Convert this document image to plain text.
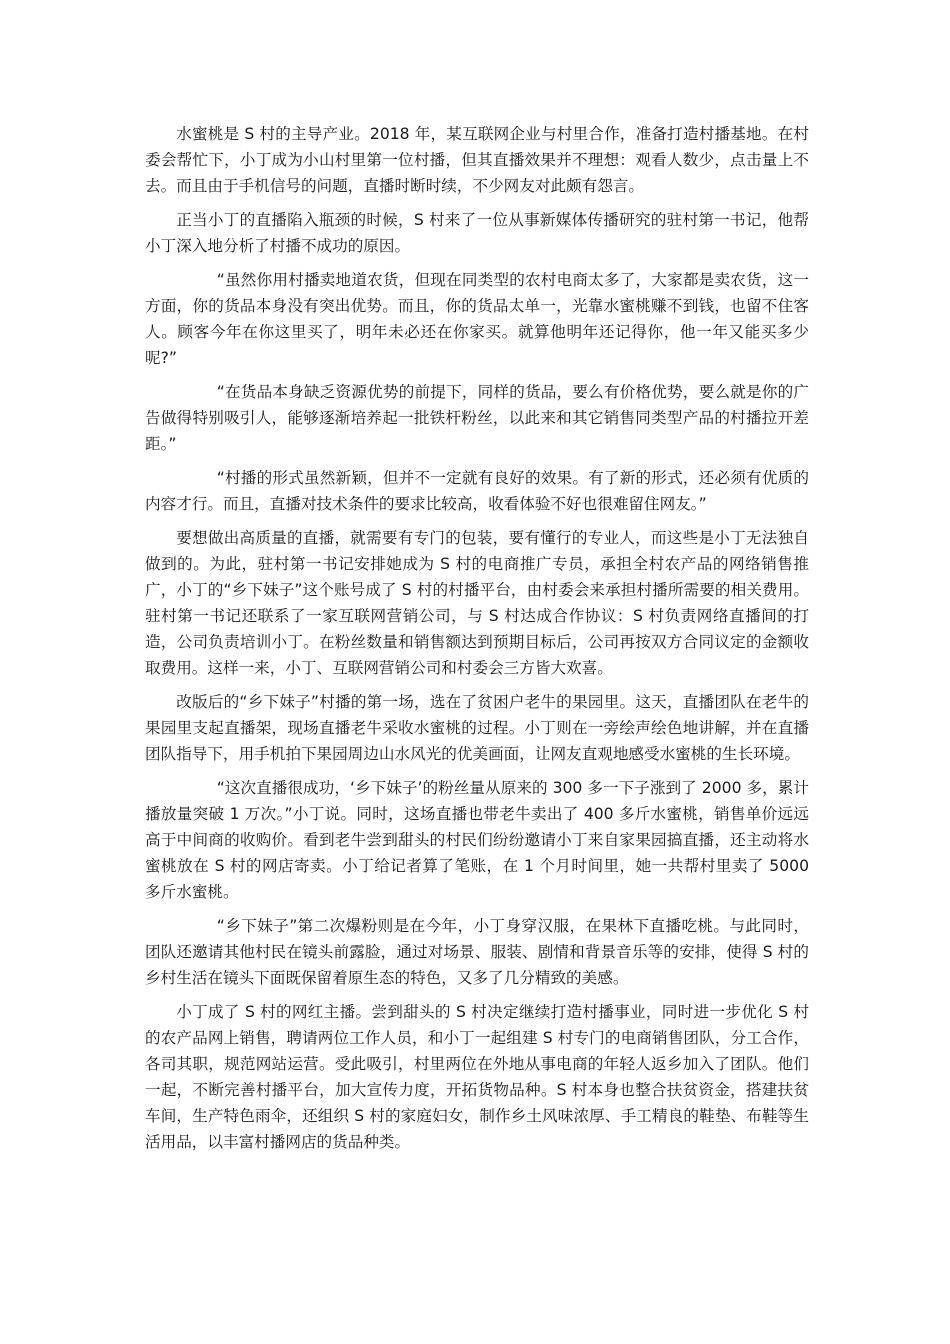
水蜜桃是 S 村的主导产业。2018 年，某互联网企业与村里合作，准备打造村播基地。在村委会帮忙下，小丁成为小山村里第一位村播，但其直播效果并不理想：观看人数少，点击量上不去。而且由于手机信号的问题，直播时断时续，不少网友对此颇有怨言。

正当小丁的直播陷入瓶颈的时候，S 村来了一位从事新媒体传播研究的驻村第一书记，他帮小丁深入地分析了村播不成功的原因。

“虽然你用村播卖地道农货，但现在同类型的农村电商太多了，大家都是卖农货，这一方面，你的货品本身没有突出优势。而且，你的货品太单一，光靠水蜜桃赚不到钱，也留不住客人。顾客今年在你这里买了，明年未必还在你家买。就算他明年还记得你，他一年又能买多少呢?”

“在货品本身缺乏资源优势的前提下，同样的货品，要么有价格优势，要么就是你的广告做得特别吸引人，能够逐渐培养起一批铁杆粉丝，以此来和其它销售同类型产品的村播拉开差距。”

“村播的形式虽然新颖，但并不一定就有良好的效果。有了新的形式，还必须有优质的内容才行。而且，直播对技术条件的要求比较高，收看体验不好也很难留住网友。”

要想做出高质量的直播，就需要有专门的包装，要有懂行的专业人，而这些是小丁无法独自做到的。为此，驻村第一书记安排她成为 S 村的电商推广专员，承担全村农产品的网络销售推广，小丁的“乡下妹子”这个账号成了 S 村的村播平台，由村委会来承担村播所需要的相关费用。驻村第一书记还联系了一家互联网营销公司，与 S 村达成合作协议：S 村负责网络直播间的打造，公司负责培训小丁。在粉丝数量和销售额达到预期目标后，公司再按双方合同议定的金额收取费用。这样一来，小丁、互联网营销公司和村委会三方皆大欢喜。

改版后的“乡下妹子”村播的第一场，选在了贫困户老牛的果园里。这天，直播团队在老牛的果园里支起直播架，现场直播老牛采收水蜜桃的过程。小丁则在一旁绘声绘色地讲解，并在直播团队指导下，用手机拍下果园周边山水风光的优美画面，让网友直观地感受水蜜桃的生长环境。

“这次直播很成功，‘乡下妹子’的粉丝量从原来的 300 多一下子涨到了 2000 多，累计播放量突破 1 万次。”小丁说。同时，这场直播也带老牛卖出了 400 多斤水蜜桃，销售单价远远高于中间商的收购价。看到老牛尝到甜头的村民们纷纷邀请小丁来自家果园搞直播，还主动将水蜜桃放在 S 村的网店寄卖。小丁给记者算了笔账，在 1 个月时间里，她一共帮村里卖了 5000 多斤水蜜桃。

“乡下妹子”第二次爆粉则是在今年，小丁身穿汉服，在果林下直播吃桃。与此同时，团队还邀请其他村民在镜头前露脸，通过对场景、服装、剧情和背景音乐等的安排，使得 S 村的乡村生活在镜头下面既保留着原生态的特色，又多了几分精致的美感。

小丁成了 S 村的网红主播。尝到甜头的 S 村决定继续打造村播事业，同时进一步优化 S 村的农产品网上销售，聘请两位工作人员，和小丁一起组建 S 村专门的电商销售团队，分工合作，各司其职，规范网站运营。受此吸引，村里两位在外地从事电商的年轻人返乡加入了团队。他们一起，不断完善村播平台，加大宣传力度，开拓货物品种。S 村本身也整合扶贫资金，搭建扶贫车间，生产特色雨伞，还组织 S 村的家庭妇女，制作乡土风味浓厚、手工精良的鞋垫、布鞋等生活用品，以丰富村播网店的货品种类。
